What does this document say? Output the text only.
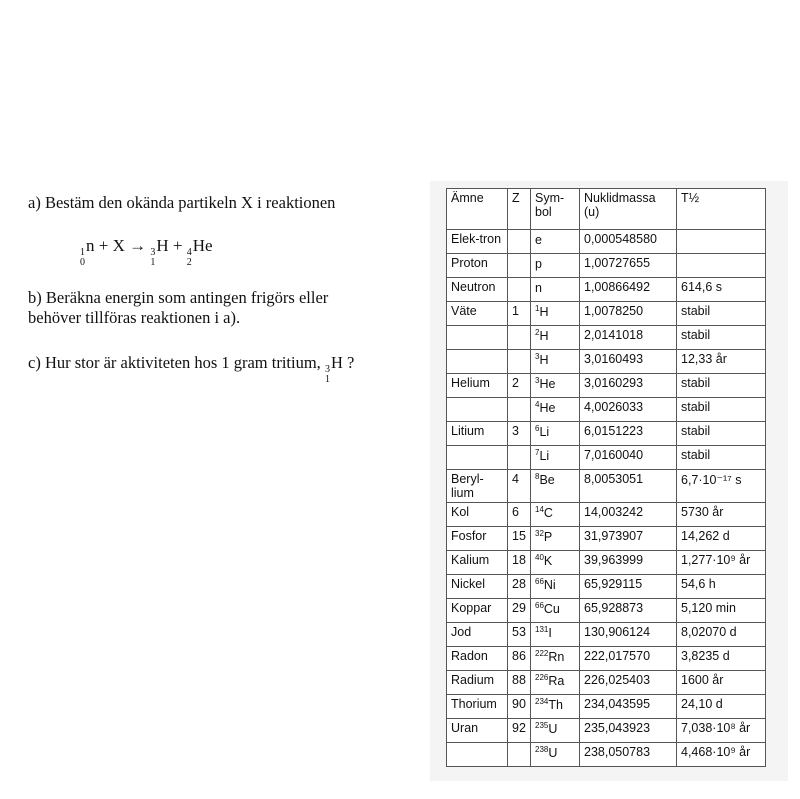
a) Bestäm den okända partikeln X i reaktionen
1
0
n + X → 3
1
H + 4
2
He
b) Beräkna energin som antingen frigörs eller
behöver tillföras reaktionen i a).
c) Hur stor är aktiviteten hos 1 gram tritium, 3
1
H ?
Ämne	Z	Sym-bol	Nuklidmassa (u)	T½
Elek-tron		e	0,000548580	
Proton		p	1,00727655	
Neutron		n	1,00866492	614,6 s
Väte	1	$^1$H	1,0078250	stabil
		$^2$H	2,0141018	stabil
		$^3$H	3,0160493	12,33 år
Helium	2	$^3$He	3,0160293	stabil
		$^4$He	4,0026033	stabil
Litium	3	$^6$Li	6,0151223	stabil
		$^7$Li	7,0160040	stabil
Beryl-lium	4	$^8$Be	8,0053051	6,7·10⁻¹⁷ s
Kol	6	$^{14}$C	14,003242	5730 år
Fosfor	15	$^{32}$P	31,973907	14,262 d
Kalium	18	$^{40}$K	39,963999	1,277·10⁹ år
Nickel	28	$^{66}$Ni	65,929115	54,6 h
Koppar	29	$^{66}$Cu	65,928873	5,120 min
Jod	53	$^{131}$I	130,906124	8,02070 d
Radon	86	$^{222}$Rn	222,017570	3,8235 d
Radium	88	$^{226}$Ra	226,025403	1600 år
Thorium	90	$^{234}$Th	234,043595	24,10 d
Uran	92	$^{235}$U	235,043923	7,038·10⁸ år
		$^{238}$U	238,050783	4,468·10⁹ år
